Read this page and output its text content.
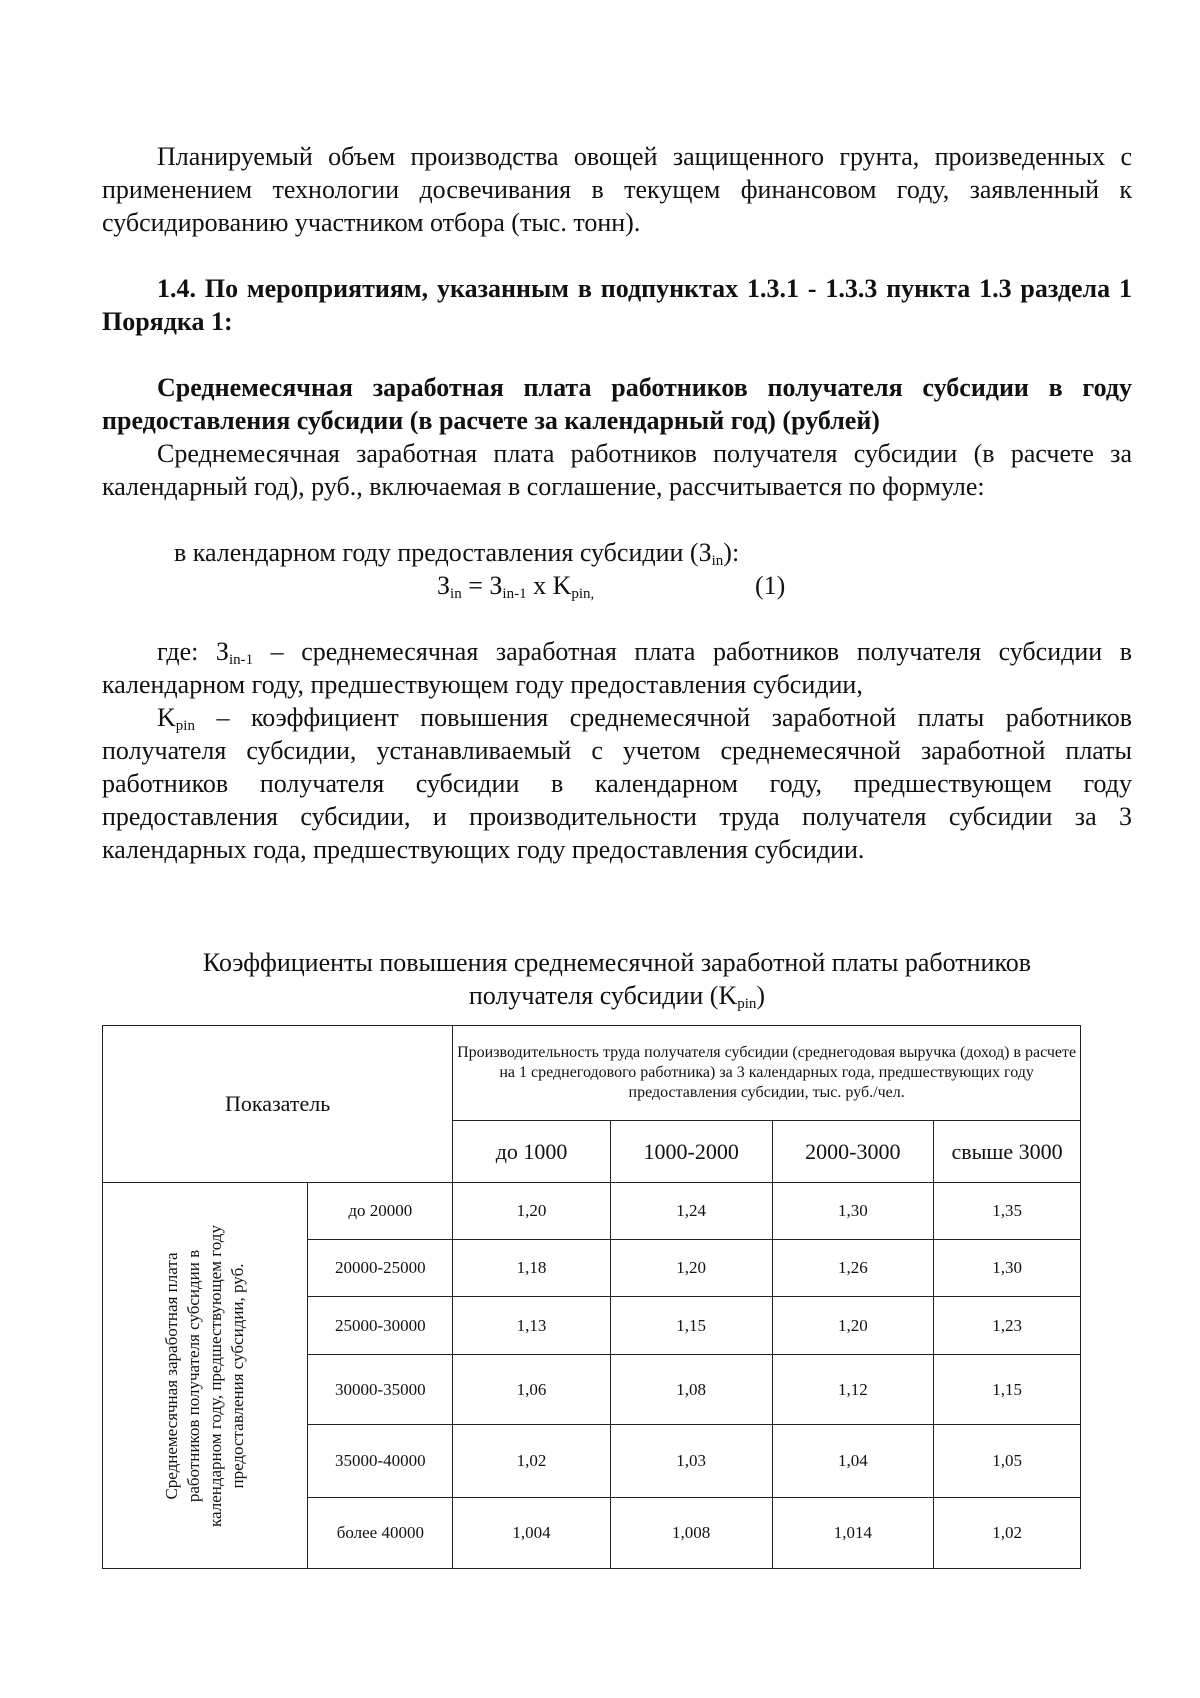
Планируемый объем производства овощей защищенного грунта, произведенных с применением технологии досвечивания в текущем финансовом году, заявленный к субсидированию участником отбора (тыс. тонн).

1.4. По мероприятиям, указанным в подпунктах 1.3.1 - 1.3.3 пункта 1.3 раздела 1 Порядка 1:

Среднемесячная заработная плата работников получателя субсидии в году предоставления субсидии (в расчете за календарный год) (рублей)

Среднемесячная заработная плата работников получателя субсидии (в расчете за календарный год), руб., включаемая в соглашение, рассчитывается по формуле:

в календарном году предоставления субсидии $(З_{in})$:

$З_{in} = З_{in-1}$ x $K_{pin,}$	(1)

где: $З_{in-1}$ – среднемесячная заработная плата работников получателя субсидии в календарном году, предшествующем году предоставления субсидии,

$K_{pin}$ – коэффициент повышения среднемесячной заработной платы работников получателя субсидии, устанавливаемый с учетом среднемесячной заработной платы работников получателя субсидии в календарном году, предшествующем году предоставления субсидии, и производительности труда получателя субсидии за 3 календарных года, предшествующих году предоставления субсидии.

Коэффициенты повышения среднемесячной заработной платы работников
получателя субсидии $(K_{pin})$
Показатель		Производительность труда получателя субсидии (среднегодовая выручка (доход) в расчете на 1 среднегодового работника) за 3 календарных года, предшествующих году предоставления субсидии, тыс. руб./чел.			
		до 1000	1000-2000	2000-3000	свыше 3000

Среднемесячная заработная плата работников получателя субсидии в календарном году, предшествующем году предоставления субсидии, руб.	до 20000	1,20	1,24	1,30	1,35
	20000-25000	1,18	1,20	1,26	1,30
	25000-30000	1,13	1,15	1,20	1,23
	30000-35000	1,06	1,08	1,12	1,15
	35000-40000	1,02	1,03	1,04	1,05
	более 40000	1,004	1,008	1,014	1,02
